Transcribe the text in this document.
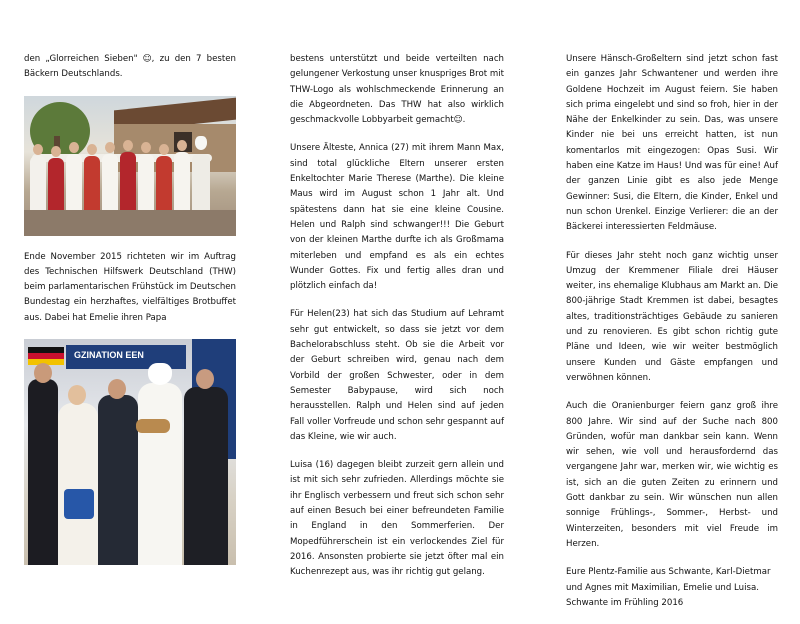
den „Glorreichen Sieben" ☺, zu den 7 besten Bäckern Deutschlands.

Ende November 2015 richteten wir im Auftrag des Technischen Hilfswerk Deutschland (THW) beim parlamentarischen Frühstück im Deutschen Bundestag ein herzhaftes, vielfältiges Brotbuffet aus. Dabei hat Emelie ihren Papa

GZINATION EEN

bestens unterstützt und beide verteilten nach gelungener Verkostung unser knuspriges Brot mit THW-Logo als wohlschmeckende Erinnerung an die Abgeordneten. Das THW hat also wirklich geschmackvolle Lobbyarbeit gemacht☺.

Unsere Älteste, Annica (27) mit ihrem Mann Max, sind total glückliche Eltern unserer ersten Enkeltochter Marie Therese (Marthe). Die kleine Maus wird im August schon 1 Jahr alt. Und spätestens dann hat sie eine kleine Cousine. Helen und Ralph sind schwanger!!! Die Geburt von der kleinen Marthe durfte ich als Großmama miterleben und empfand es als ein echtes Wunder Gottes. Fix und fertig alles dran und plötzlich einfach da!

Für Helen(23) hat sich das Studium auf Lehramt sehr gut entwickelt, so dass sie jetzt vor dem Bachelorabschluss steht. Ob sie die Arbeit vor der Geburt schreiben wird, genau nach dem Vorbild der großen Schwester, oder in dem Semester Babypause, wird sich noch herausstellen. Ralph und Helen sind auf jeden Fall voller Vorfreude und schon sehr gespannt auf das Kleine, wie wir auch.

Luisa (16) dagegen bleibt zurzeit gern allein und ist mit sich sehr zufrieden. Allerdings möchte sie ihr Englisch verbessern und freut sich schon sehr auf einen Besuch bei einer befreundeten Familie in England in den Sommerferien. Der Mopedführerschein ist ein verlockendes Ziel für 2016. Ansonsten probierte sie jetzt öfter mal ein Kuchenrezept aus, was ihr richtig gut gelang.

Unsere Hänsch-Großeltern sind jetzt schon fast ein ganzes Jahr Schwantener und werden ihre Goldene Hochzeit im August feiern. Sie haben sich prima eingelebt und sind so froh, hier in der Nähe der Enkelkinder zu sein. Das, was unsere Kinder nie bei uns erreicht hatten, ist nun komentarlos mit eingezogen: Opas Susi. Wir haben eine Katze im Haus! Und was für eine! Auf der ganzen Linie gibt es also jede Menge Gewinner: Susi, die Eltern, die Kinder, Enkel und nun schon Urenkel. Einzige Verlierer: die an der Bäckerei interessierten Feldmäuse.

Für dieses Jahr steht noch ganz wichtig unser Umzug der Kremmener Filiale drei Häuser weiter, ins ehemalige Klubhaus am Markt an. Die 800-jährige Stadt Kremmen ist dabei, besagtes altes, traditionsträchtiges Gebäude zu sanieren und zu renovieren. Es gibt schon richtig gute Pläne und Ideen, wie wir weiter bestmöglich unsere Kunden und Gäste empfangen und verwöhnen können.

Auch die Oranienburger feiern ganz groß ihre 800 Jahre. Wir sind auf der Suche nach 800 Gründen, wofür man dankbar sein kann. Wenn wir sehen, wie voll und herausfordernd das vergangene Jahr war, merken wir, wie wichtig es ist, sich an die guten Zeiten zu erinnern und Gott dankbar zu sein. Wir wünschen nun allen sonnige Frühlings-, Sommer-, Herbst- und Winterzeiten, besonders mit viel Freude im Herzen.

Eure Plentz-Familie aus Schwante, Karl-Dietmar und Agnes mit Maximilian, Emelie und Luisa. Schwante im Frühling 2016
